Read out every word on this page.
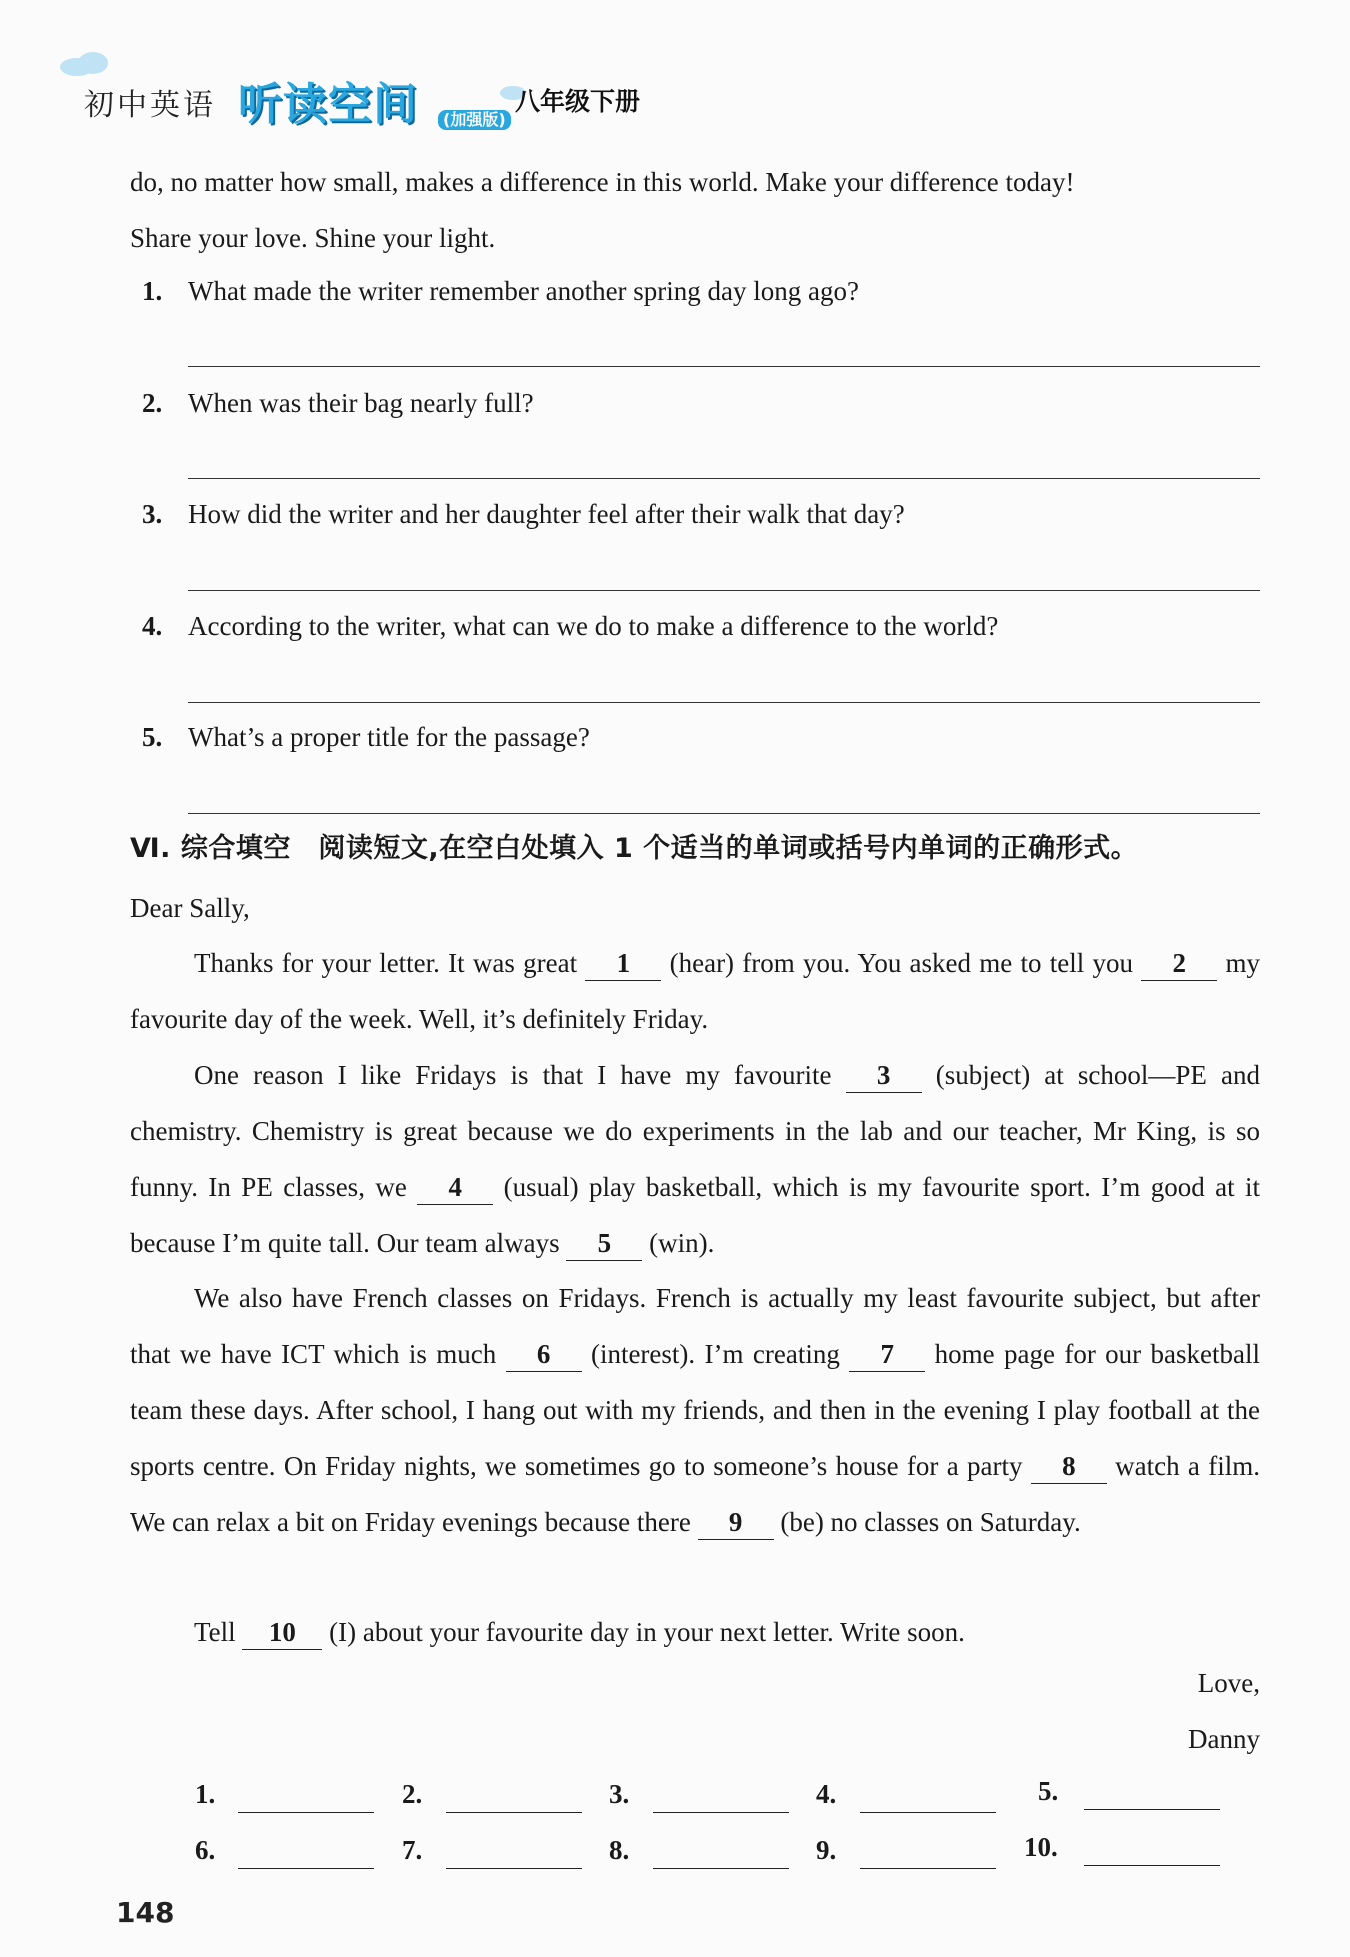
初中英语 听读空间	(加强版)
八年级下册

do, no matter how small, makes a difference in this world. Make your difference today!
Share your love. Shine your light.

1. What made the writer remember another spring day long ago?
2. When was their bag nearly full?
3. How did the writer and her daughter feel after their walk that day?
4. According to the writer, what can we do to make a difference to the world?
5. What’s a proper title for the passage?
Ⅵ. 综合填空　阅读短文,在空白处填入 1 个适当的单词或括号内单词的正确形式。

Dear Sally,

Thanks for your letter. It was great 1 (hear) from you. You asked me to tell you 2 my favourite day of the week. Well, it’s definitely Friday.

One reason I like Fridays is that I have my favourite 3 (subject) at school—PE and chemistry. Chemistry is great because we do experiments in the lab and our teacher, Mr King, is so funny. In PE classes, we 4 (usual) play basketball, which is my favourite sport. I’m good at it because I’m quite tall. Our team always 5 (win).

We also have French classes on Fridays. French is actually my least favourite subject, but after that we have ICT which is much 6 (interest). I’m creating 7 home page for our basketball team these days. After school, I hang out with my friends, and then in the evening I play football at the sports centre. On Friday nights, we sometimes go to someone’s house for a party 8 watch a film. We can relax a bit on Friday evenings because there 9 (be) no classes on Saturday.

Tell 10 (I) about your favourite day in your next letter. Write soon.

Love,
Danny
1.	2.	3.	4.	5.
6.	7.	8.	9.	10.
148
